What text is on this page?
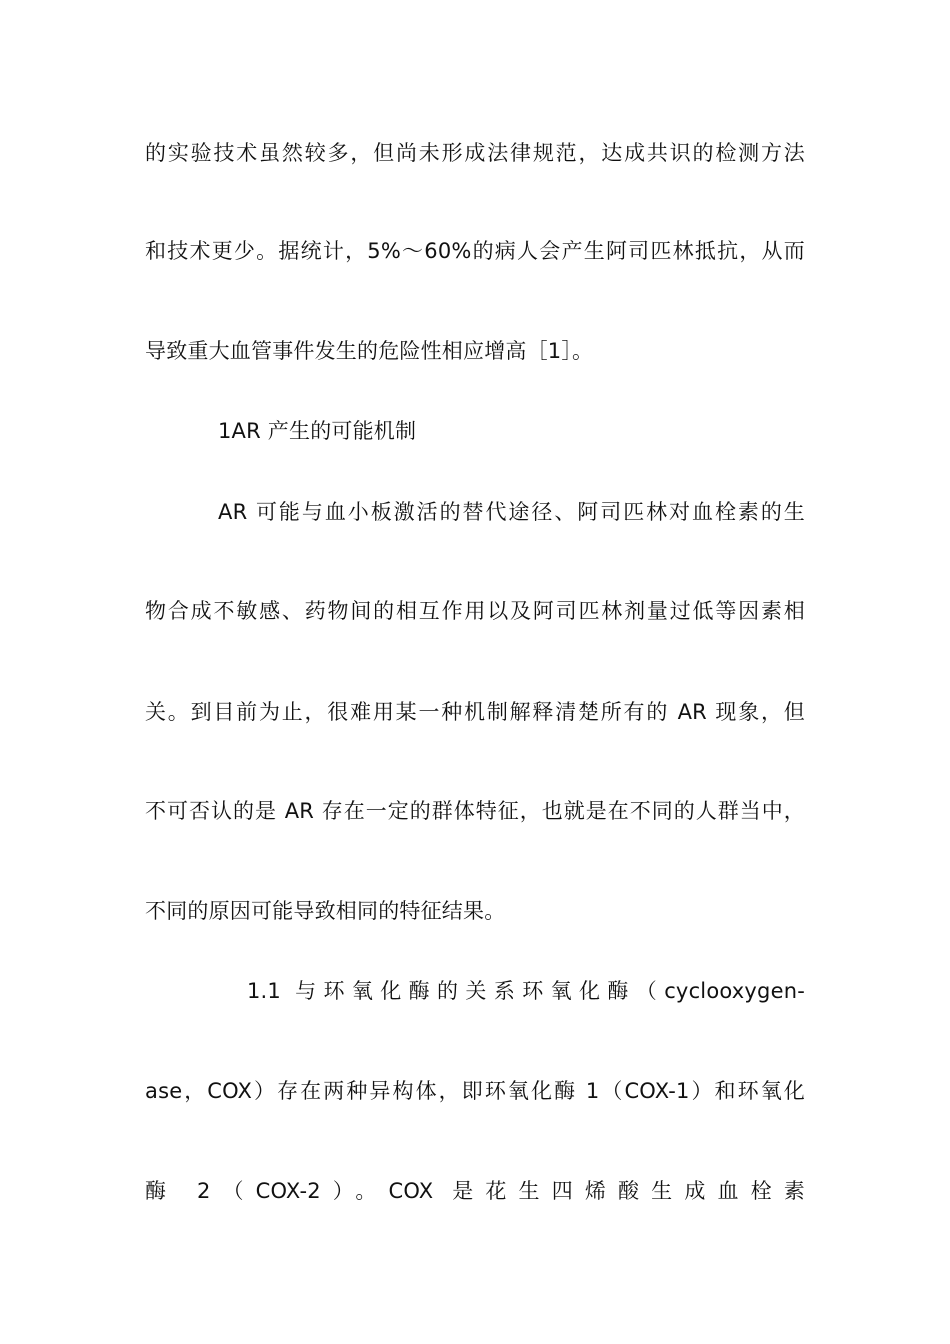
的实验技术虽然较多，但尚未形成法律规范，达成共识的检测方法
和技术更少。据统计，5%～60%的病人会产生阿司匹林抵抗，从而
导致重大血管事件发生的危险性相应增高［1］。
1AR 产生的可能机制
AR 可能与血小板激活的替代途径、阿司匹林对血栓素的生
物合成不敏感、药物间的相互作用以及阿司匹林剂量过低等因素相
关。到目前为止，很难用某一种机制解释清楚所有的 AR 现象，但
不可否认的是 AR 存在一定的群体特征，也就是在不同的人群当中，
不同的原因可能导致相同的特征结果。
1.1 与环氧化酶的关系环氧化酶（cyclooxygen-
ase，COX）存在两种异构体，即环氧化酶 1（COX-1）和环氧化
酶 2（COX-2）。COX 是花生四烯酸生成血栓素
